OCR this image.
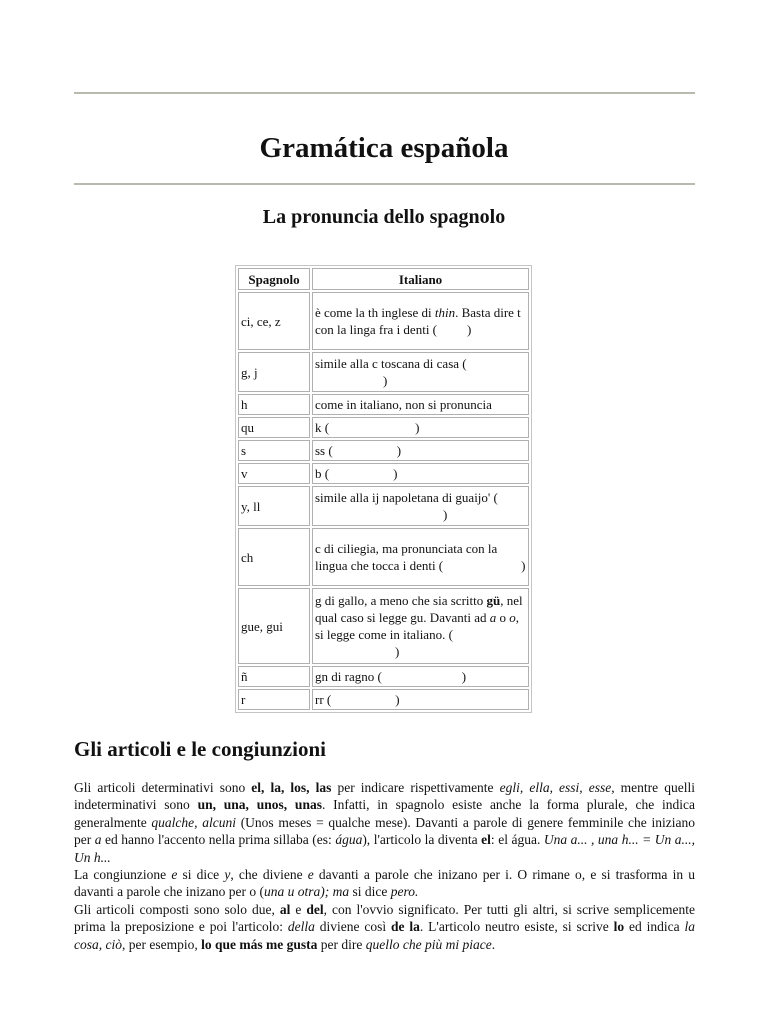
Gramática española
La pronuncia dello spagnolo
Spagnolo	Italiano
ci, ce, z	è come la th inglese di thin. Basta dire t con la linga fra i denti ( )
g, j	simile alla c toscana di casa ()
h	come in italiano, non si pronuncia
qu	k ( )
s	ss ( )
v	b ( )
y, ll	simile alla ij napoletana di guaijo' ()
ch	c di ciliegia, ma pronunciata con la lingua che tocca i denti ( )
gue, gui	g di gallo, a meno che sia scritto gü, nel qual caso si legge gu. Davanti ad a o o, si legge come in italiano. ()
ñ	gn di ragno ( )
r	rr ( )
Gli articoli e le congiunzioni

Gli articoli determinativi sono el, la, los, las per indicare rispettivamente egli, ella, essi, esse, mentre quelli indeterminativi sono un, una, unos, unas. Infatti, in spagnolo esiste anche la forma plurale, che indica generalmente qualche, alcuni (Unos meses = qualche mese). Davanti a parole di genere femminile che iniziano per a ed hanno l'accento nella prima sillaba (es: água), l'articolo la diventa el: el água. Una a... , una h... = Un a..., Un h...

La congiunzione e si dice y, che diviene e davanti a parole che inizano per i. O rimane o, e si trasforma in u davanti a parole che inizano per o (una u otra); ma si dice pero.

Gli articoli composti sono solo due, al e del, con l'ovvio significato. Per tutti gli altri, si scrive semplicemente prima la preposizione e poi l'articolo: della diviene così de la. L'articolo neutro esiste, si scrive lo ed indica la cosa, ciò, per esempio, lo que más me gusta per dire quello che più mi piace.
